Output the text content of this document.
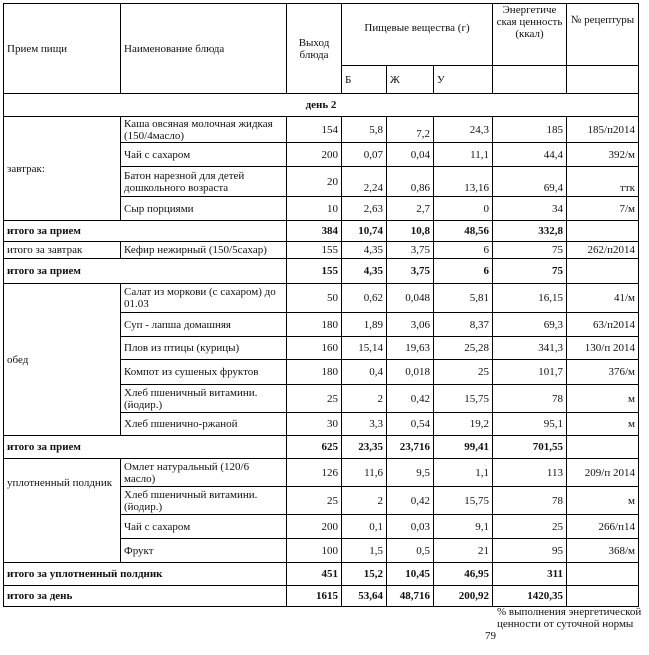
Прием пищи	Наименование блюда	Выход блюда	Пищевые вещества (г)			Энергетиче ская ценность (ккал)	№ рецептуры
			Б	Ж	У		
день 2							
завтрак:	Каша овсяная молочная жидкая (150/4масло)	154	5,8	7,2	24,3	185	185/п2014
	Чай с сахаром	200	0,07	0,04	11,1	44,4	392/м
	Батон нарезной для детей дошкольного возраста	20	2,24	0,86	13,16	69,4	ттк
	Сыр порциями	10	2,63	2,7	0	34	7/м
итого за прием		384	10,74	10,8	48,56	332,8	
итого за завтрак	Кефир нежирный (150/5сахар)	155	4,35	3,75	6	75	262/п2014
итого за прием		155	4,35	3,75	6	75	
обед	Салат из моркови (с сахаром) до 01.03	50	0,62	0,048	5,81	16,15	41/м
	Суп - лапша домашняя	180	1,89	3,06	8,37	69,3	63/п2014
	Плов из птицы (курицы)	160	15,14	19,63	25,28	341,3	130/п 2014
	Компот из сушеных фруктов	180	0,4	0,018	25	101,7	376/м
	Хлеб пшеничный витамини. (йодир.)	25	2	0,42	15,75	78	м
	Хлеб пшенично-ржаной	30	3,3	0,54	19,2	95,1	м
итого за прием		625	23,35	23,716	99,41	701,55	
уплотненный полдник	Омлет натуральный (120/6 масло)	126	11,6	9,5	1,1	113	209/п 2014
	Хлеб пшеничный витамини. (йодир.)	25	2	0,42	15,75	78	м
	Чай с сахаром	200	0,1	0,03	9,1	25	266/п14
	Фрукт	100	1,5	0,5	21	95	368/м
итого за уплотненный полдник		451	15,2	10,45	46,95	311	
итого за день		1615	53,64	48,716	200,92	1420,35	
79
% выполнения энергетической ценности от суточной нормы
